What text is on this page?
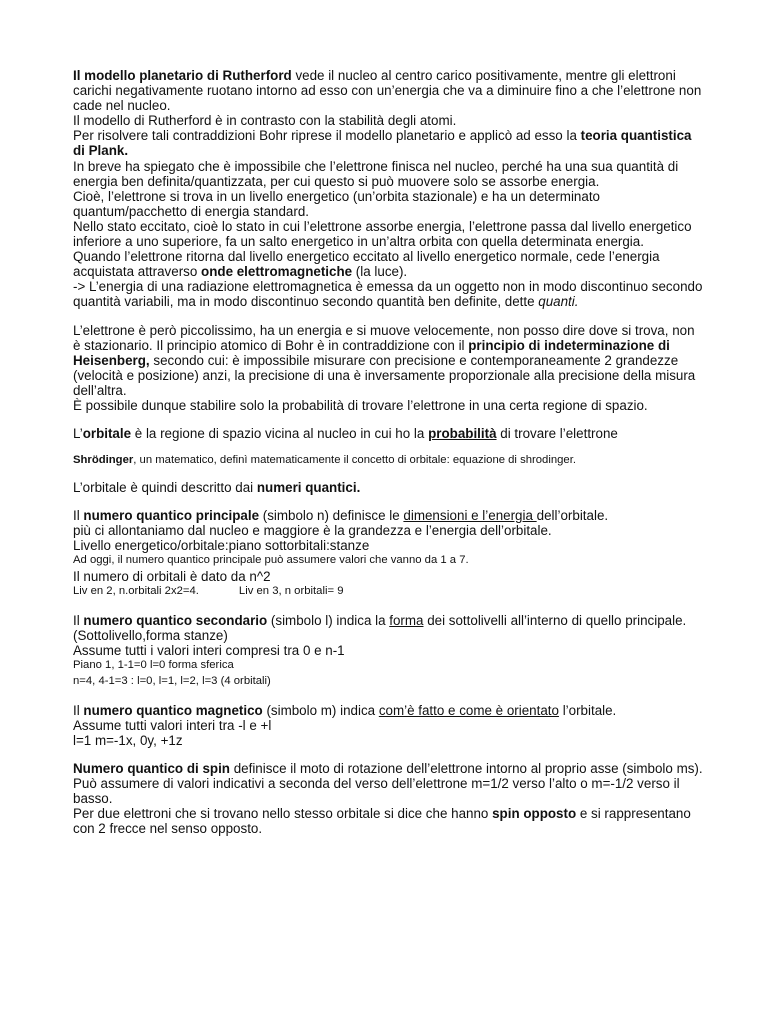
Il modello planetario di Rutherford vede il nucleo al centro carico positivamente, mentre gli elettroni carichi negativamente ruotano intorno ad esso con un’energia che va a diminuire fino a che l’elettrone non cade nel nucleo.

Il modello di Rutherford è in contrasto con la stabilità degli atomi.

Per risolvere tali contraddizioni Bohr riprese il modello planetario e applicò ad esso la teoria quantistica di Plank.

In breve ha spiegato che è impossibile che l’elettrone finisca nel nucleo, perché ha una sua quantità di energia ben definita/quantizzata, per cui questo si può muovere solo se assorbe energia.

Cioè, l’elettrone si trova in un livello energetico (un’orbita stazionale) e ha un determinato quantum/pacchetto di energia standard.

Nello stato eccitato, cioè lo stato in cui l’elettrone assorbe energia, l’elettrone passa dal livello energetico inferiore a uno superiore, fa un salto energetico in un’altra orbita con quella determinata energia.

Quando l’elettrone ritorna dal livello energetico eccitato al livello energetico normale, cede l’energia acquistata attraverso onde elettromagnetiche (la luce).

-> L’energia di una radiazione elettromagnetica è emessa da un oggetto non in modo discontinuo secondo quantità variabili, ma in modo discontinuo secondo quantità ben definite, dette quanti.

L’elettrone è però piccolissimo, ha un energia e si muove velocemente, non posso dire dove si trova, non è stazionario. Il principio atomico di Bohr è in contraddizione con il principio di indeterminazione di Heisenberg, secondo cui: è impossibile misurare con precisione e contemporaneamente 2 grandezze (velocità e posizione) anzi, la precisione di una è inversamente proporzionale alla precisione della misura dell’altra.

È possibile dunque stabilire solo la probabilità di trovare l’elettrone in una certa regione di spazio.

L’orbitale è la regione di spazio vicina al nucleo in cui ho la probabilità di trovare l’elettrone

Shrödinger, un matematico, definì matematicamente il concetto di orbitale: equazione di shrodinger.

L’orbitale è quindi descritto dai numeri quantici.

Il numero quantico principale (simbolo n) definisce le dimensioni e l’energia dell’orbitale.

più ci allontaniamo dal nucleo e maggiore è la grandezza e l’energia dell’orbitale.

Livello energetico/orbitale:piano sottorbitali:stanze

Ad oggi, il numero quantico principale può assumere valori che vanno da 1 a 7.

Il numero di orbitali è dato da n^2

Liv en 2, n.orbitali 2x2=4.	Liv en 3, n orbitali= 9

Il numero quantico secondario (simbolo l) indica la forma dei sottolivelli all’interno di quello principale. (Sottolivello,forma stanze)

Assume tutti i valori interi compresi tra 0 e n-1

Piano 1, 1-1=0 l=0 forma sferica

n=4, 4-1=3 : l=0, l=1, l=2, l=3 (4 orbitali)

Il numero quantico magnetico (simbolo m) indica com’è fatto e come è orientato l’orbitale.

Assume tutti valori interi tra -l e +l

l=1 m=-1x, 0y, +1z

Numero quantico di spin definisce il moto di rotazione dell’elettrone intorno al proprio asse (simbolo ms).

Può assumere di valori indicativi a seconda del verso dell’elettrone m=1/2 verso l’alto o m=-1/2 verso il basso.

Per due elettroni che si trovano nello stesso orbitale si dice che hanno spin opposto e si rappresentano con 2 frecce nel senso opposto.
